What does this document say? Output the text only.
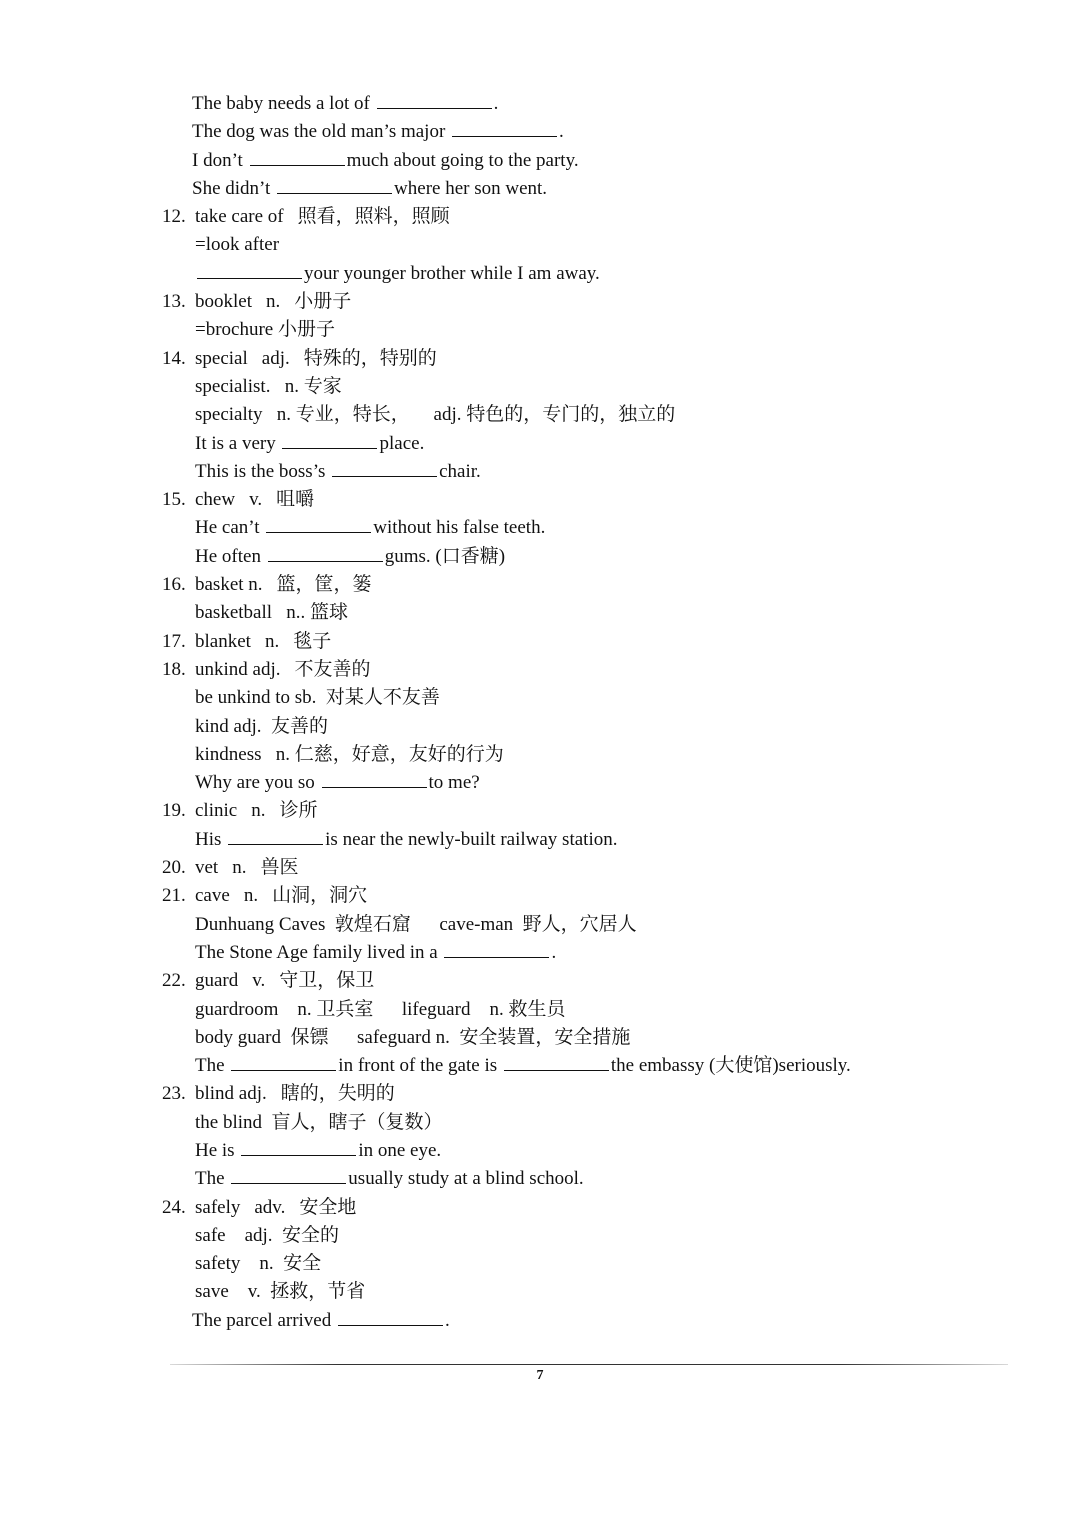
The baby needs a lot of	.
The dog was the old man’s major	.
I don’t	much about going to the party.
She didn’t	where her son went.
12. take care of 照看，照料，照顾
=look after
your younger brother while I am away.
13. booklet n. 小册子
=brochure 小册子
14. special adj. 特殊的，特别的
specialist.   n. 专家
specialty   n. 专业，特长，     adj. 特色的，专门的，独立的
It is a very	place.
This is the boss’s	chair.
15. chew v. 咀嚼
He can’t	without his false teeth.
He often	gums. (口香糖)
16. basket n. 篮，筐，篓
basketball   n.. 篮球
17. blanket n. 毯子
18. unkind adj. 不友善的
be unkind to sb.  对某人不友善
kind adj.  友善的
kindness   n. 仁慈，好意，友好的行为
Why are you so	to me?
19. clinic n. 诊所
His	is near the newly-built railway station.
20. vet n. 兽医
21. cave n. 山洞，洞穴
Dunhuang Caves  敦煌石窟      cave-man  野人，穴居人
The Stone Age family lived in a	.
22. guard v. 守卫，保卫
guardroom    n. 卫兵室      lifeguard    n. 救生员
body guard  保镖      safeguard n.  安全装置，安全措施
The	in front of the gate is	the embassy (大使馆)seriously.
23. blind adj. 瞎的，失明的
the blind  盲人，瞎子（复数）
He is	in one eye.
The	usually study at a blind school.
24. safely adv. 安全地
safe    adj.  安全的
safety    n.  安全
save    v.  拯救，节省
The parcel arrived	.
7
